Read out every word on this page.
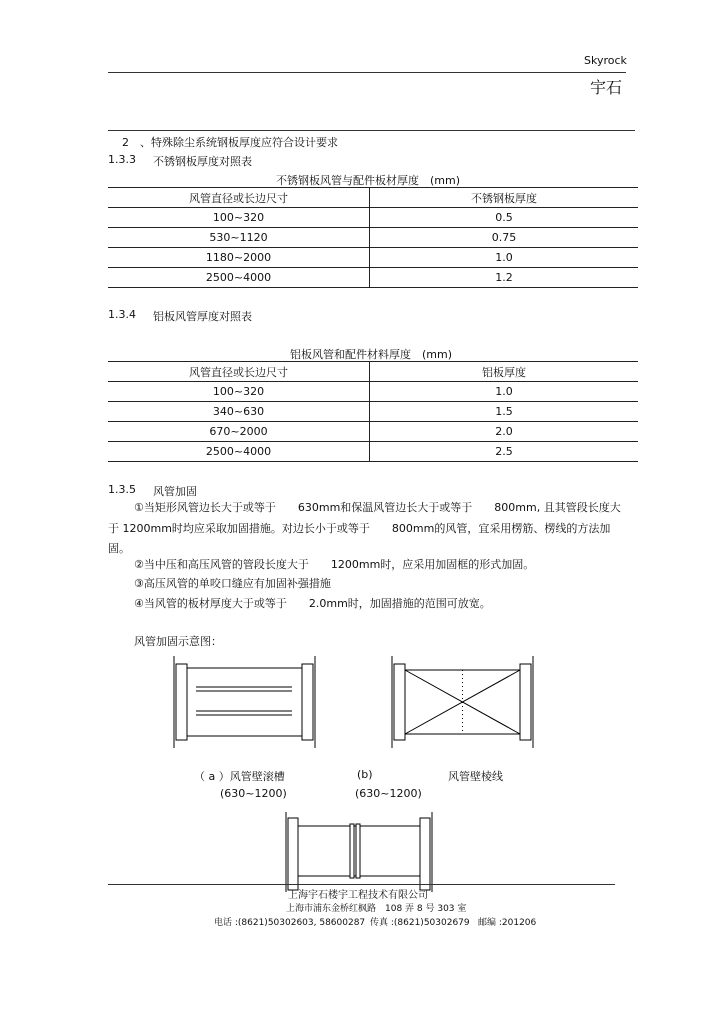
Skyrock
宇石
2　、特殊除尘系统钢板厚度应符合设计要求
1.3.3 不锈钢板厚度对照表
不锈钢板风管与配件板材厚度　(mm)
风管直径或长边尺寸	不锈钢板厚度
100~320	0.5
530~1120	0.75
1180~2000	1.0
2500~4000	1.2
1.3.4 铝板风管厚度对照表
铝板风管和配件材料厚度　(mm)
风管直径或长边尺寸	铝板厚度
100~320	1.0
340~630	1.5
670~2000	2.0
2500~4000	2.5
1.3.5 风管加固
①当矩形风管边长大于或等于　　630mm和保温风管边长大于或等于　　800mm, 且其管段长度大
于 1200mm时均应采取加固措施。对边长小于或等于　　800mm的风管，宜采用楞筋、楞线的方法加
固。
②当中压和高压风管的管段长度大于　　1200mm时，应采用加固框的形式加固。
③高压风管的单咬口缝应有加固补强措施
④当风管的板材厚度大于或等于　　2.0mm时，加固措施的范围可放宽。
风管加固示意图：
（ a ）风管壁滚槽	(b)	风管壁棱线
(630~1200)	(630~1200)
上海宇石楼宇工程技术有限公司
上海市浦东金桥红枫路　108 弄 8 号 303 室
电话 :(8621)50302603, 58600287 传真 :(8621)50302679 邮编 :201206
